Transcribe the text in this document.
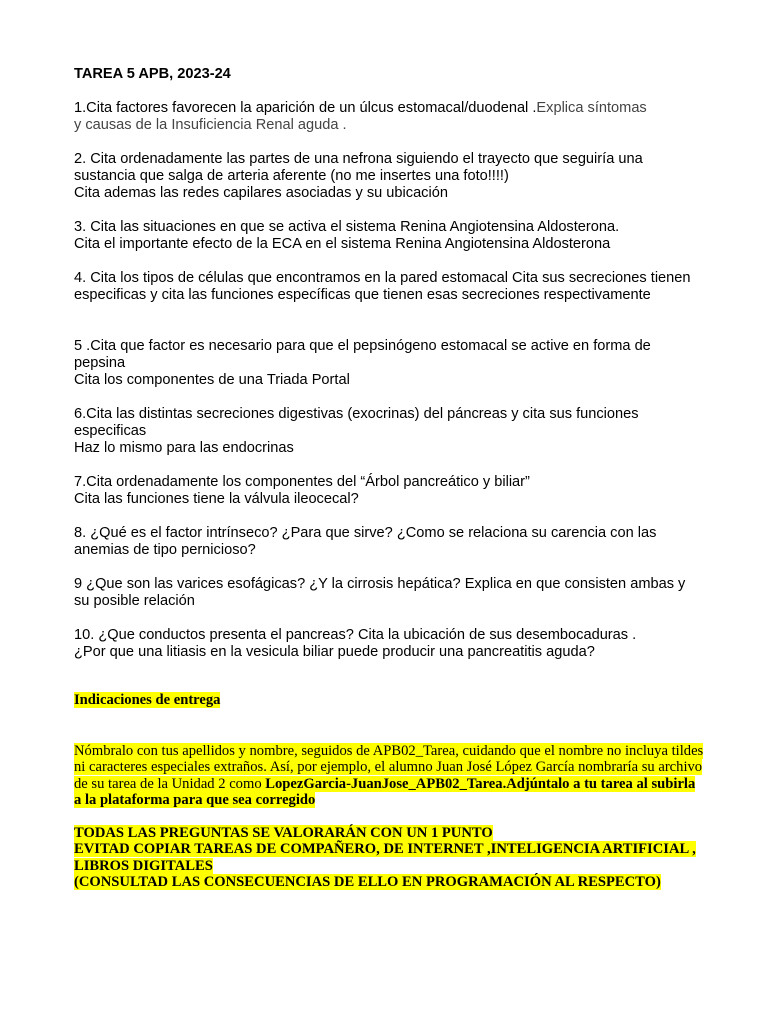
TAREA 5 APB, 2023-24

1.Cita factores favorecen la aparición de un úlcus estomacal/duodenal .Explica síntomas

y causas de la Insuficiencia Renal aguda .

2. Cita ordenadamente las partes de una nefrona siguiendo el trayecto que seguiría una sustancia que salga de arteria aferente (no me insertes una foto!!!!)

Cita ademas las redes capilares asociadas y su ubicación

3. Cita las situaciones en que se activa el sistema Renina Angiotensina Aldosterona.

Cita el importante efecto de la ECA en el sistema Renina Angiotensina Aldosterona

4. Cita los tipos de células que encontramos en la pared estomacal Cita sus secreciones tienen especificas y cita las funciones específicas que tienen esas secreciones respectivamente

5 .Cita que factor es necesario para que el pepsinógeno estomacal se active en forma de pepsina

Cita los componentes de una Triada Portal

6.Cita las distintas secreciones digestivas (exocrinas) del páncreas y cita sus funciones especificas

Haz lo mismo para las endocrinas

7.Cita ordenadamente los componentes del “Árbol pancreático y biliar”

Cita las funciones tiene la válvula ileocecal?

8. ¿Qué es el factor intrínseco? ¿Para que sirve? ¿Como se relaciona su carencia con las anemias de tipo pernicioso?

9 ¿Que son las varices esofágicas? ¿Y la cirrosis hepática? Explica en que consisten ambas y su posible relación

10. ¿Que conductos presenta el pancreas? Cita la ubicación de sus desembocaduras .

¿Por que una litiasis en la vesicula biliar puede producir una pancreatitis aguda?

Indicaciones de entrega

Nómbralo con tus apellidos y nombre, seguidos de APB02_Tarea, cuidando que el nombre no incluya tildes ni caracteres especiales extraños. Así, por ejemplo, el alumno Juan José López García nombraría su archivo de su tarea de la Unidad 2 como LopezGarcia-JuanJose_APB02_Tarea.Adjúntalo a tu tarea al subirla a la plataforma para que sea corregido

TODAS LAS PREGUNTAS SE VALORARÁN CON UN 1 PUNTO

EVITAD COPIAR TAREAS DE COMPAÑERO, DE INTERNET ,INTELIGENCIA ARTIFICIAL , LIBROS DIGITALES

(CONSULTAD LAS CONSECUENCIAS DE ELLO EN PROGRAMACIÓN AL RESPECTO)
